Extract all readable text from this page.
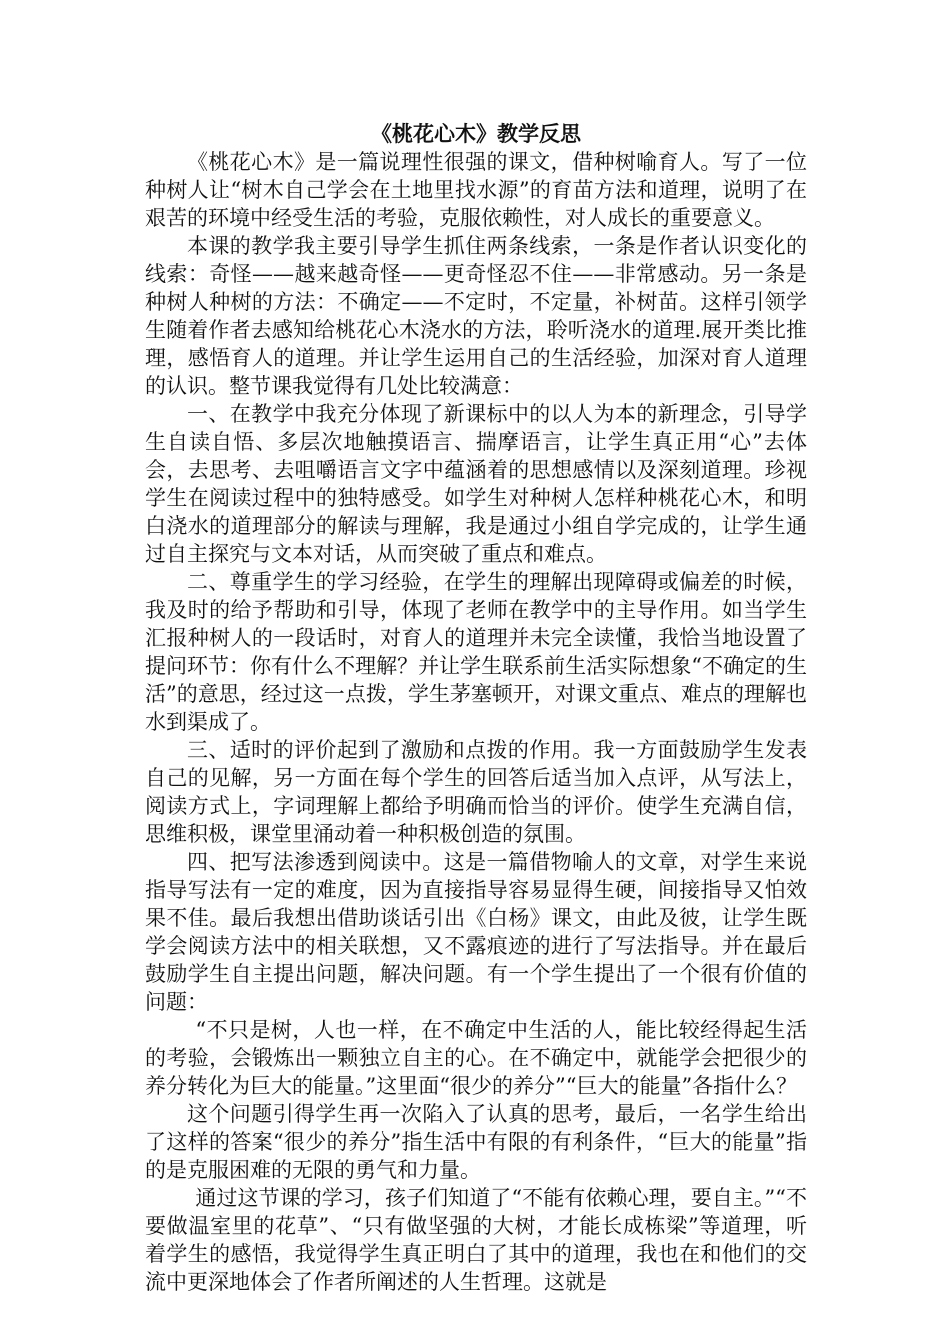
《桃花心木》教学反思

《桃花心木》是一篇说理性很强的课文，借种树喻育人。写了一位种树人让“树木自己学会在土地里找水源”的育苗方法和道理，说明了在艰苦的环境中经受生活的考验，克服依赖性，对人成长的重要意义。

本课的教学我主要引导学生抓住两条线索，一条是作者认识变化的线索：奇怪——越来越奇怪——更奇怪忍不住——非常感动。另一条是种树人种树的方法：不确定——不定时，不定量，补树苗。这样引领学生随着作者去感知给桃花心木浇水的方法，聆听浇水的道理.展开类比推理，感悟育人的道理。并让学生运用自己的生活经验，加深对育人道理的认识。整节课我觉得有几处比较满意：

一、在教学中我充分体现了新课标中的以人为本的新理念，引导学生自读自悟、多层次地触摸语言、揣摩语言，让学生真正用“心”去体会，去思考、去咀嚼语言文字中蕴涵着的思想感情以及深刻道理。珍视学生在阅读过程中的独特感受。如学生对种树人怎样种桃花心木，和明白浇水的道理部分的解读与理解，我是通过小组自学完成的，让学生通过自主探究与文本对话，从而突破了重点和难点。

二、尊重学生的学习经验，在学生的理解出现障碍或偏差的时候，我及时的给予帮助和引导，体现了老师在教学中的主导作用。如当学生汇报种树人的一段话时，对育人的道理并未完全读懂，我恰当地设置了提问环节：你有什么不理解？并让学生联系前生活实际想象“不确定的生活”的意思，经过这一点拨，学生茅塞顿开，对课文重点、难点的理解也水到渠成了。

三、适时的评价起到了激励和点拨的作用。我一方面鼓励学生发表自己的见解，另一方面在每个学生的回答后适当加入点评，从写法上，阅读方式上，字词理解上都给予明确而恰当的评价。使学生充满自信，思维积极，课堂里涌动着一种积极创造的氛围。

四、把写法渗透到阅读中。这是一篇借物喻人的文章，对学生来说指导写法有一定的难度，因为直接指导容易显得生硬，间接指导又怕效果不佳。最后我想出借助谈话引出《白杨》课文，由此及彼，让学生既学会阅读方法中的相关联想，又不露痕迹的进行了写法指导。并在最后鼓励学生自主提出问题，解决问题。有一个学生提出了一个很有价值的问题：

“不只是树，人也一样，在不确定中生活的人，能比较经得起生活的考验，会锻炼出一颗独立自主的心。在不确定中，就能学会把很少的养分转化为巨大的能量。”这里面“很少的养分”“巨大的能量”各指什么？

这个问题引得学生再一次陷入了认真的思考，最后，一名学生给出了这样的答案“很少的养分”指生活中有限的有利条件，“巨大的能量”指的是克服困难的无限的勇气和力量。

通过这节课的学习，孩子们知道了“不能有依赖心理，要自主。”“不要做温室里的花草”、“只有做坚强的大树，才能长成栋梁”等道理，听着学生的感悟，我觉得学生真正明白了其中的道理，我也在和他们的交流中更深地体会了作者所阐述的人生哲理。这就是
